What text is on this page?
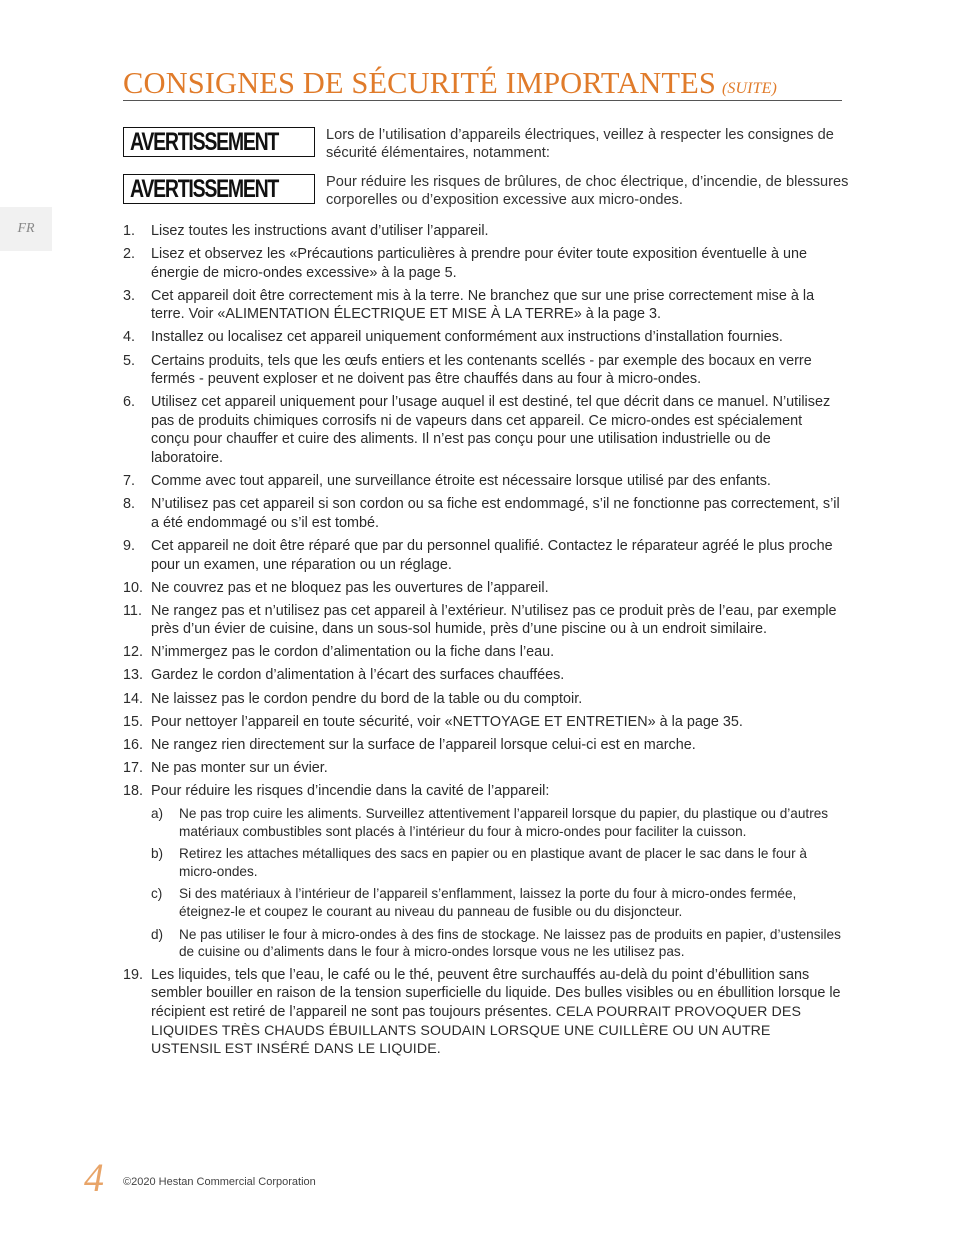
CONSIGNES DE SÉCURITÉ IMPORTANTES (SUITE)
AVERTISSEMENT	Lors de l’utilisation d’appareils électriques, veillez à respecter les consignes de sécurité élémentaires, notamment:
AVERTISSEMENT	Pour réduire les risques de brûlures, de choc électrique, d’incendie, de blessures corporelles ou d’exposition excessive aux micro-ondes.
FR	1. Lisez toutes les instructions avant d’utiliser l’appareil.
2. Lisez et observez les «Précautions particulières à prendre pour éviter toute exposition éventuelle à une énergie de micro-ondes excessive» à la page 5.
3. Cet appareil doit être correctement mis à la terre. Ne branchez que sur une prise correctement mise à la terre. Voir «ALIMENTATION ÉLECTRIQUE ET MISE À LA TERRE» à la page 3.
4. Installez ou localisez cet appareil uniquement conformément aux instructions d’installation fournies.
5. Certains produits, tels que les œufs entiers et les contenants scellés - par exemple des bocaux en verre fermés - peuvent exploser et ne doivent pas être chauffés dans au four à micro-ondes.
6. Utilisez cet appareil uniquement pour l’usage auquel il est destiné, tel que décrit dans ce manuel. N’utilisez pas de produits chimiques corrosifs ni de vapeurs dans cet appareil. Ce micro-ondes est spécialement conçu pour chauffer et cuire des aliments. Il n’est pas conçu pour une utilisation industrielle ou de laboratoire.
7. Comme avec tout appareil, une surveillance étroite est nécessaire lorsque utilisé par des enfants.
8. N’utilisez pas cet appareil si son cordon ou sa fiche est endommagé, s’il ne fonctionne pas correctement, s’il a été endommagé ou s’il est tombé.
9. Cet appareil ne doit être réparé que par du personnel qualifié. Contactez le réparateur agréé le plus proche pour un examen, une réparation ou un réglage.
10. Ne couvrez pas et ne bloquez pas les ouvertures de l’appareil.
11. Ne rangez pas et n’utilisez pas cet appareil à l’extérieur. N’utilisez pas ce produit près de l’eau, par exemple près d’un évier de cuisine, dans un sous-sol humide, près d’une piscine ou à un endroit similaire.
12. N’immergez pas le cordon d’alimentation ou la fiche dans l’eau.
13. Gardez le cordon d’alimentation à l’écart des surfaces chauffées.
14. Ne laissez pas le cordon pendre du bord de la table ou du comptoir.
15. Pour nettoyer l’appareil en toute sécurité, voir «NETTOYAGE ET ENTRETIEN» à la page 35.
16. Ne rangez rien directement sur la surface de l’appareil lorsque celui-ci est en marche.
17. Ne pas monter sur un évier.
18. Pour réduire les risques d’incendie dans la cavité de l’appareil:
a) Ne pas trop cuire les aliments. Surveillez attentivement l’appareil lorsque du papier, du plastique ou d’autres matériaux combustibles sont placés à l’intérieur du four à micro-ondes pour faciliter la cuisson.
b) Retirez les attaches métalliques des sacs en papier ou en plastique avant de placer le sac dans le four à micro-ondes.
c) Si des matériaux à l’intérieur de l’appareil s’enflamment, laissez la porte du four à micro-ondes fermée, éteignez-le et coupez le courant au niveau du panneau de fusible ou du disjoncteur.
d) Ne pas utiliser le four à micro-ondes à des fins de stockage. Ne laissez pas de produits en papier, d’ustensiles de cuisine ou d’aliments dans le four à micro-ondes lorsque vous ne les utilisez pas.
19. Les liquides, tels que l’eau, le café ou le thé, peuvent être surchauffés au-delà du point d’ébullition sans sembler bouiller en raison de la tension superficielle du liquide. Des bulles visibles ou en ébullition lorsque le récipient est retiré de l’appareil ne sont pas toujours présentes. CELA POURRAIT PROVOQUER DES LIQUIDES TRÈS CHAUDS ÉBUILLANTS SOUDAIN LORSQUE UNE CUILLÈRE OU UN AUTRE USTENSIL EST INSÉRÉ DANS LE LIQUIDE.
4 ©2020 Hestan Commercial Corporation
